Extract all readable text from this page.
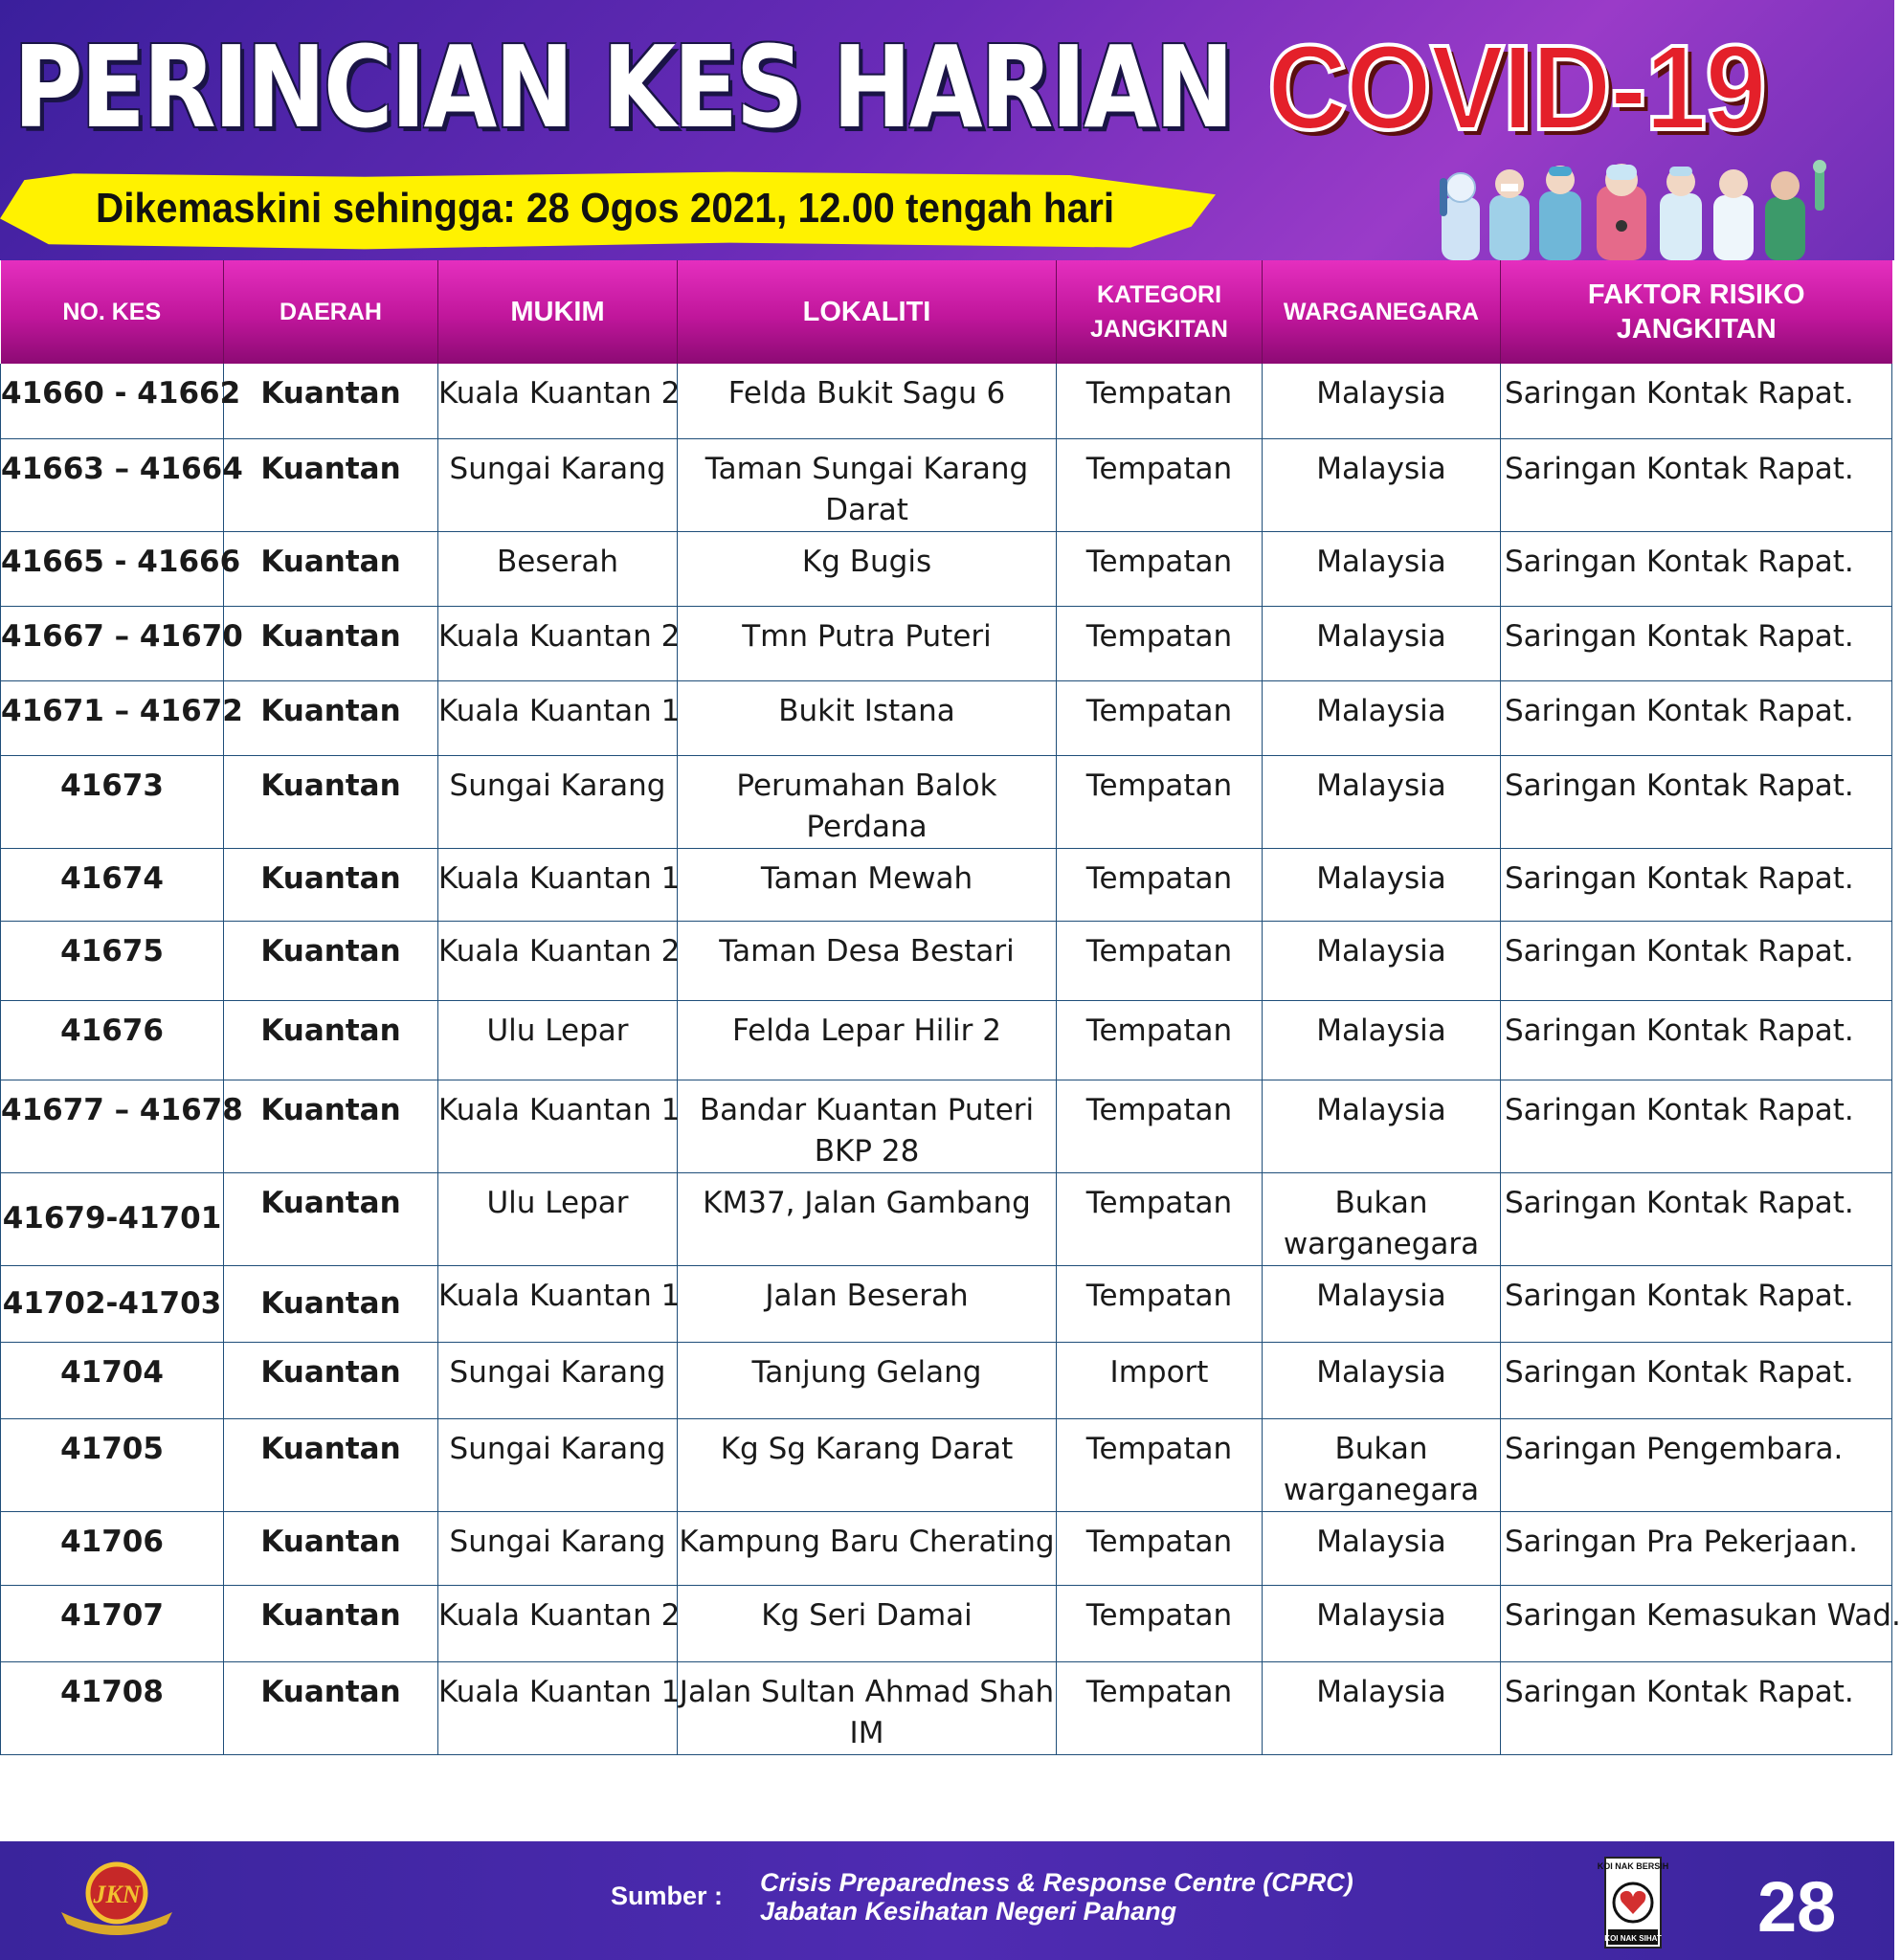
PERINCIAN KES HARIAN COVID-19
Dikemaskini sehingga: 28 Ogos 2021, 12.00 tengah hari
NO. KES	DAERAH	MUKIM	LOKALITI	KATEGORI JANGKITAN	WARGANEGARA	FAKTOR RISIKO JANGKITAN
41660 - 41662	Kuantan	Kuala Kuantan 2	Felda Bukit Sagu 6	Tempatan	Malaysia	Saringan Kontak Rapat.
41663 – 41664	Kuantan	Sungai Karang	Taman Sungai Karang Darat	Tempatan	Malaysia	Saringan Kontak Rapat.
41665 - 41666	Kuantan	Beserah	Kg Bugis	Tempatan	Malaysia	Saringan Kontak Rapat.
41667 – 41670	Kuantan	Kuala Kuantan 2	Tmn Putra Puteri	Tempatan	Malaysia	Saringan Kontak Rapat.
41671 – 41672	Kuantan	Kuala Kuantan 1	Bukit Istana	Tempatan	Malaysia	Saringan Kontak Rapat.
41673	Kuantan	Sungai Karang	Perumahan Balok Perdana	Tempatan	Malaysia	Saringan Kontak Rapat.
41674	Kuantan	Kuala Kuantan 1	Taman Mewah	Tempatan	Malaysia	Saringan Kontak Rapat.
41675	Kuantan	Kuala Kuantan 2	Taman Desa Bestari	Tempatan	Malaysia	Saringan Kontak Rapat.
41676	Kuantan	Ulu Lepar	Felda Lepar Hilir 2	Tempatan	Malaysia	Saringan Kontak Rapat.
41677 – 41678	Kuantan	Kuala Kuantan 1	Bandar Kuantan Puteri BKP 28	Tempatan	Malaysia	Saringan Kontak Rapat.
41679-41701	Kuantan	Ulu Lepar	KM37, Jalan Gambang	Tempatan	Bukan warganegara	Saringan Kontak Rapat.
41702-41703	Kuantan	Kuala Kuantan 1	Jalan Beserah	Tempatan	Malaysia	Saringan Kontak Rapat.
41704	Kuantan	Sungai Karang	Tanjung Gelang	Import	Malaysia	Saringan Kontak Rapat.
41705	Kuantan	Sungai Karang	Kg Sg Karang Darat	Tempatan	Bukan warganegara	Saringan Pengembara.
41706	Kuantan	Sungai Karang	Kampung Baru Cherating	Tempatan	Malaysia	Saringan Pra Pekerjaan.
41707	Kuantan	Kuala Kuantan 2	Kg Seri Damai	Tempatan	Malaysia	Saringan Kemasukan Wad.
41708	Kuantan	Kuala Kuantan 1	Jalan Sultan Ahmad Shah IM	Tempatan	Malaysia	Saringan Kontak Rapat.
JKN	Sumber : Crisis Preparedness & Response Centre (CPRC)
Jabatan Kesihatan Negeri Pahang
KOI NAK BERSIH
KOI NAK SIHAT 28
